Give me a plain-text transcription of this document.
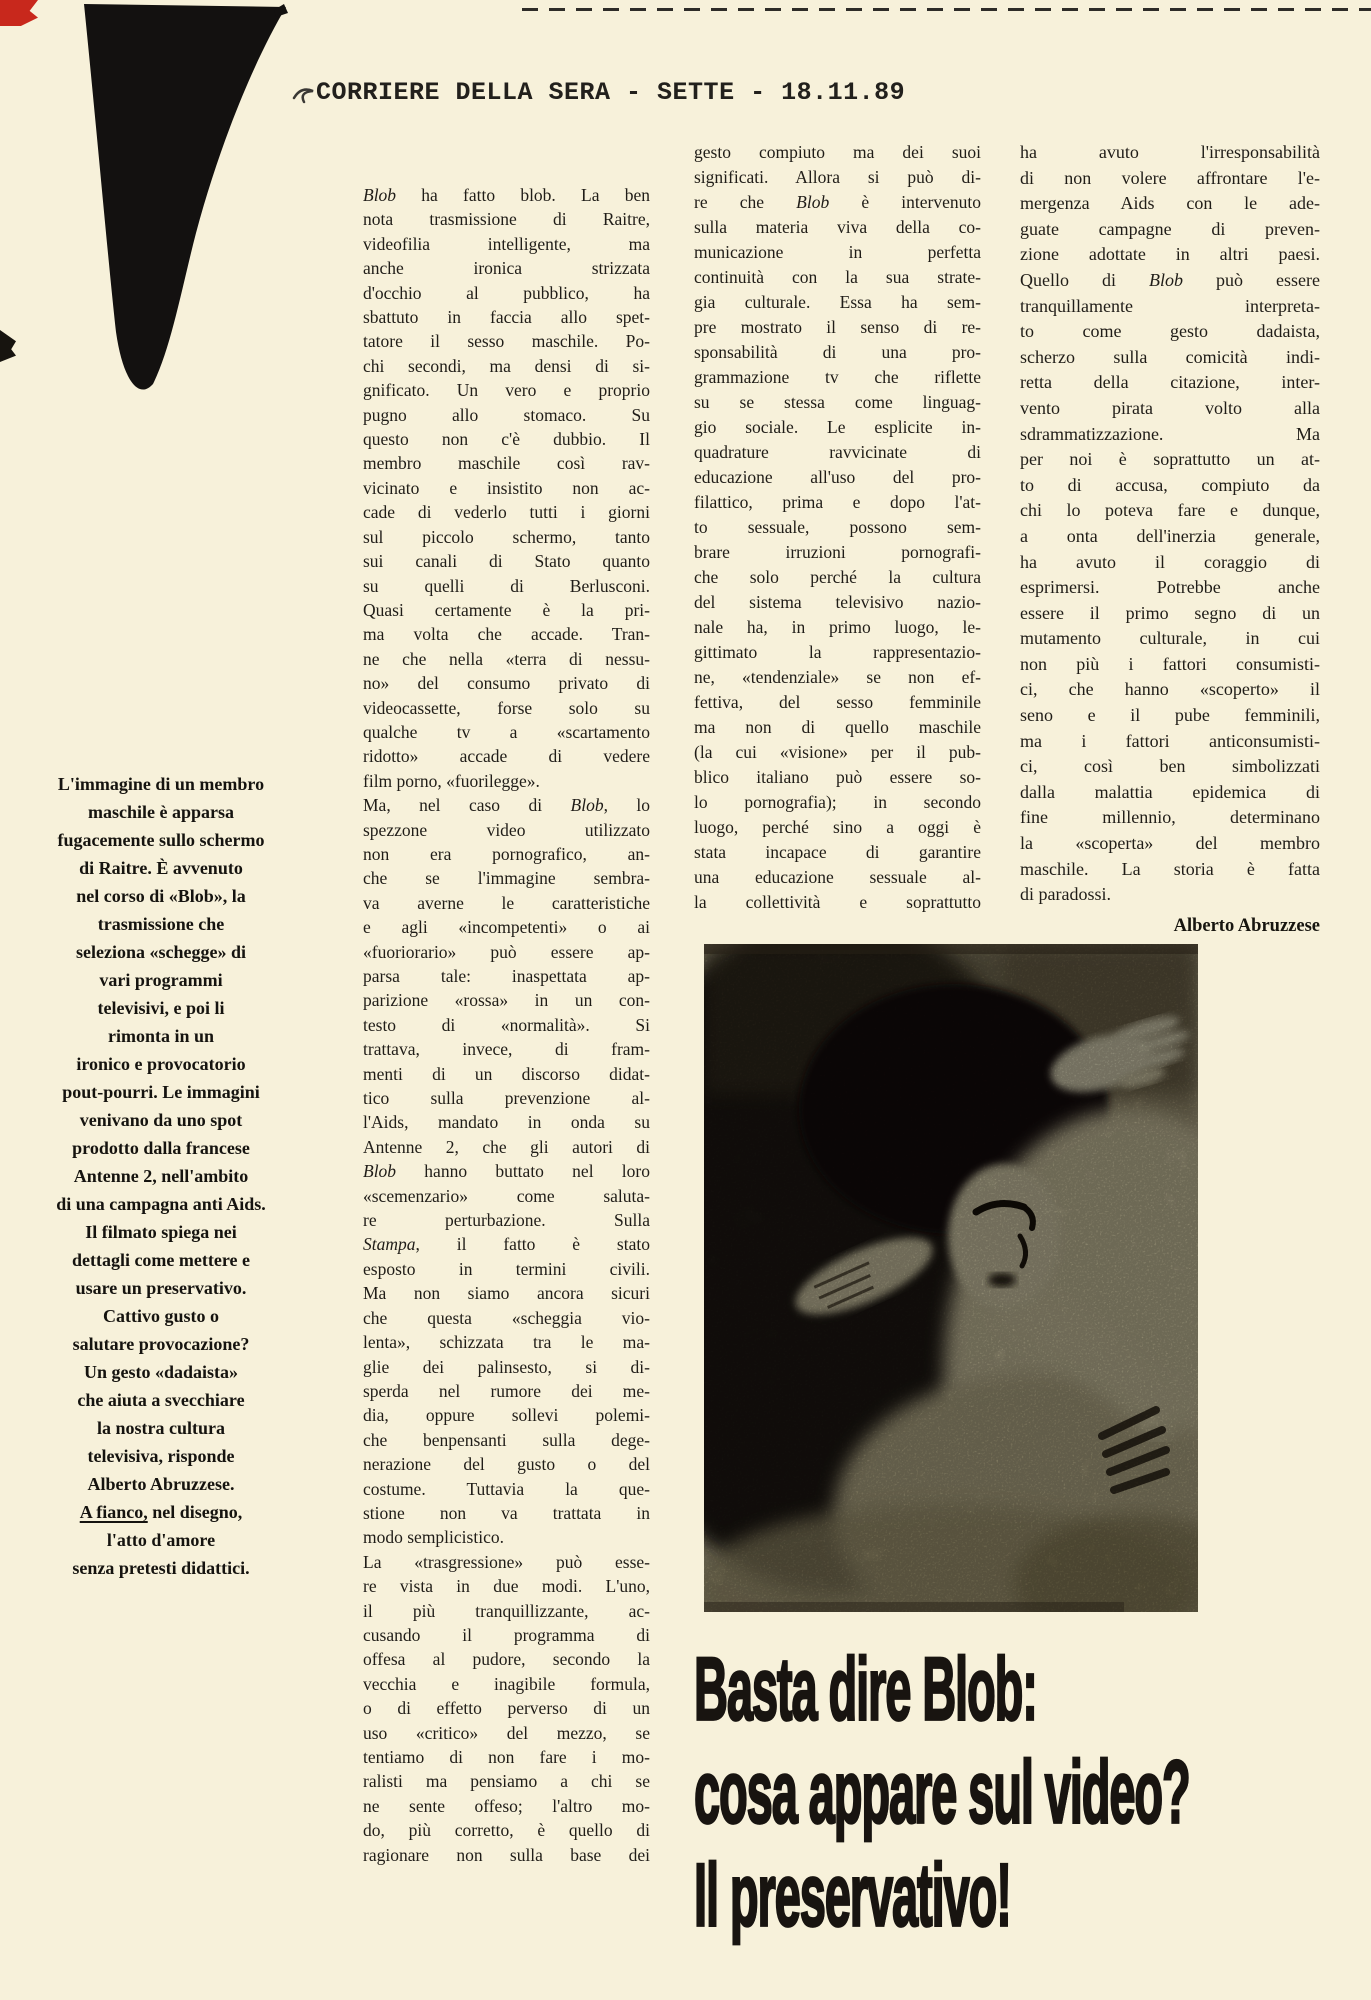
CORRIERE DELLA SERA - SETTE - 18.11.89
L'immagine di un membro
maschile è apparsa
fugacemente sullo schermo
di Raitre. È avvenuto
nel corso di «Blob», la
trasmissione che
seleziona «schegge» di
vari programmi
televisivi, e poi li
rimonta in un
ironico e provocatorio
pout-pourri. Le immagini
venivano da uno spot
prodotto dalla francese
Antenne 2, nell'ambito
di una campagna anti Aids.
Il filmato spiega nei
dettagli come mettere e
usare un preservativo.
Cattivo gusto o
salutare provocazione?
Un gesto «dadaista»
che aiuta a svecchiare
la nostra cultura
televisiva, risponde
Alberto Abruzzese.
A fianco, nel disegno,
l'atto d'amore
senza pretesti didattici.
Blob ha fatto blob. La ben
nota trasmissione di Raitre,
videofilia intelligente, ma
anche ironica strizzata
d'occhio al pubblico, ha
sbattuto in faccia allo spet-
tatore il sesso maschile. Po-
chi secondi, ma densi di si-
gnificato. Un vero e proprio
pugno allo stomaco. Su
questo non c'è dubbio. Il
membro maschile così rav-
vicinato e insistito non ac-
cade di vederlo tutti i giorni
sul piccolo schermo, tanto
sui canali di Stato quanto
su quelli di Berlusconi.
Quasi certamente è la pri-
ma volta che accade. Tran-
ne che nella «terra di nessu-
no» del consumo privato di
videocassette, forse solo su
qualche tv a «scartamento
ridotto» accade di vedere
film porno, «fuorilegge».
Ma, nel caso di Blob, lo
spezzone video utilizzato
non era pornografico, an-
che se l'immagine sembra-
va averne le caratteristiche
e agli «incompetenti» o ai
«fuoriorario» può essere ap-
parsa tale: inaspettata ap-
parizione «rossa» in un con-
testo di «normalità». Si
trattava, invece, di fram-
menti di un discorso didat-
tico sulla prevenzione al-
l'Aids, mandato in onda su
Antenne 2, che gli autori di
Blob hanno buttato nel loro
«scemenzario» come saluta-
re perturbazione. Sulla
Stampa, il fatto è stato
esposto in termini civili.
Ma non siamo ancora sicuri
che questa «scheggia vio-
lenta», schizzata tra le ma-
glie dei palinsesto, si di-
sperda nel rumore dei me-
dia, oppure sollevi polemi-
che benpensanti sulla dege-
nerazione del gusto o del
costume. Tuttavia la que-
stione non va trattata in
modo semplicistico.
La «trasgressione» può esse-
re vista in due modi. L'uno,
il più tranquillizzante, ac-
cusando il programma di
offesa al pudore, secondo la
vecchia e inagibile formula,
o di effetto perverso di un
uso «critico» del mezzo, se
tentiamo di non fare i mo-
ralisti ma pensiamo a chi se
ne sente offeso; l'altro mo-
do, più corretto, è quello di
ragionare non sulla base dei
gesto compiuto ma dei suoi
significati. Allora si può di-
re che Blob è intervenuto
sulla materia viva della co-
municazione in perfetta
continuità con la sua strate-
gia culturale. Essa ha sem-
pre mostrato il senso di re-
sponsabilità di una pro-
grammazione tv che riflette
su se stessa come linguag-
gio sociale. Le esplicite in-
quadrature ravvicinate di
educazione all'uso del pro-
filattico, prima e dopo l'at-
to sessuale, possono sem-
brare irruzioni pornografi-
che solo perché la cultura
del sistema televisivo nazio-
nale ha, in primo luogo, le-
gittimato la rappresentazio-
ne, «tendenziale» se non ef-
fettiva, del sesso femminile
ma non di quello maschile
(la cui «visione» per il pub-
blico italiano può essere so-
lo pornografia); in secondo
luogo, perché sino a oggi è
stata incapace di garantire
una educazione sessuale al-
la collettività e soprattutto
ha avuto l'irresponsabilità
di non volere affrontare l'e-
mergenza Aids con le ade-
guate campagne di preven-
zione adottate in altri paesi.
Quello di Blob può essere
tranquillamente interpreta-
to come gesto dadaista,
scherzo sulla comicità indi-
retta della citazione, inter-
vento pirata volto alla
sdrammatizzazione. Ma
per noi è soprattutto un at-
to di accusa, compiuto da
chi lo poteva fare e dunque,
a onta dell'inerzia generale,
ha avuto il coraggio di
esprimersi. Potrebbe anche
essere il primo segno di un
mutamento culturale, in cui
non più i fattori consumisti-
ci, che hanno «scoperto» il
seno e il pube femminili,
ma i fattori anticonsumisti-
ci, così ben simbolizzati
dalla malattia epidemica di
fine millennio, determinano
la «scoperta» del membro
maschile. La storia è fatta
di paradossi.
Alberto Abruzzese
Basta dire Blob:
cosa appare sul video?
Il preservativo!
